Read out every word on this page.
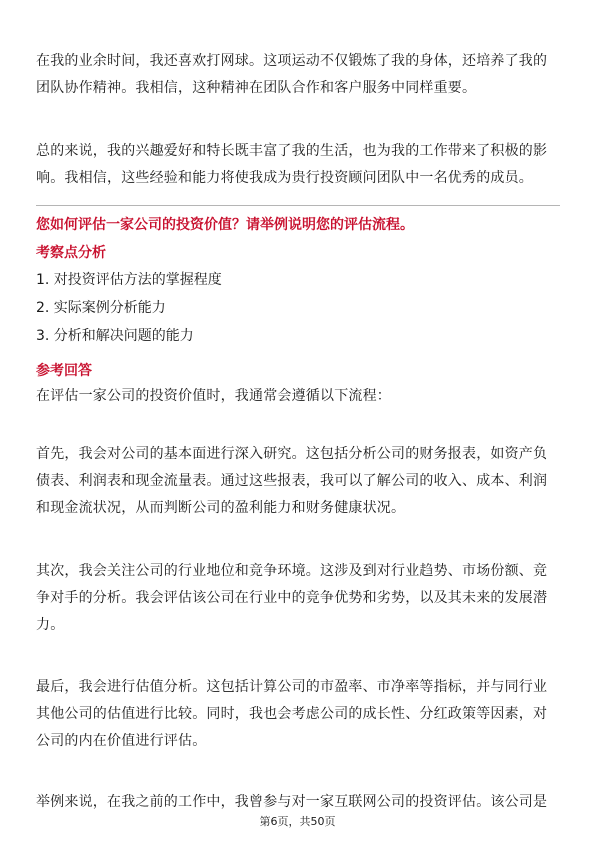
在我的业余时间，我还喜欢打网球。这项运动不仅锻炼了我的身体，还培养了我的团队协作精神。我相信，这种精神在团队合作和客户服务中同样重要。

总的来说，我的兴趣爱好和特长既丰富了我的生活，也为我的工作带来了积极的影响。我相信，这些经验和能力将使我成为贵行投资顾问团队中一名优秀的成员。

您如何评估一家公司的投资价值？请举例说明您的评估流程。

考察点分析

1. 对投资评估方法的掌握程度

2. 实际案例分析能力

3. 分析和解决问题的能力

参考回答

在评估一家公司的投资价值时，我通常会遵循以下流程：

首先，我会对公司的基本面进行深入研究。这包括分析公司的财务报表，如资产负债表、利润表和现金流量表。通过这些报表，我可以了解公司的收入、成本、利润和现金流状况，从而判断公司的盈利能力和财务健康状况。

其次，我会关注公司的行业地位和竞争环境。这涉及到对行业趋势、市场份额、竞争对手的分析。我会评估该公司在行业中的竞争优势和劣势，以及其未来的发展潜力。

最后，我会进行估值分析。这包括计算公司的市盈率、市净率等指标，并与同行业其他公司的估值进行比较。同时，我也会考虑公司的成长性、分红政策等因素，对公司的内在价值进行评估。

举例来说，在我之前的工作中，我曾参与对一家互联网公司的投资评估。该公司是

第6页，共50页
